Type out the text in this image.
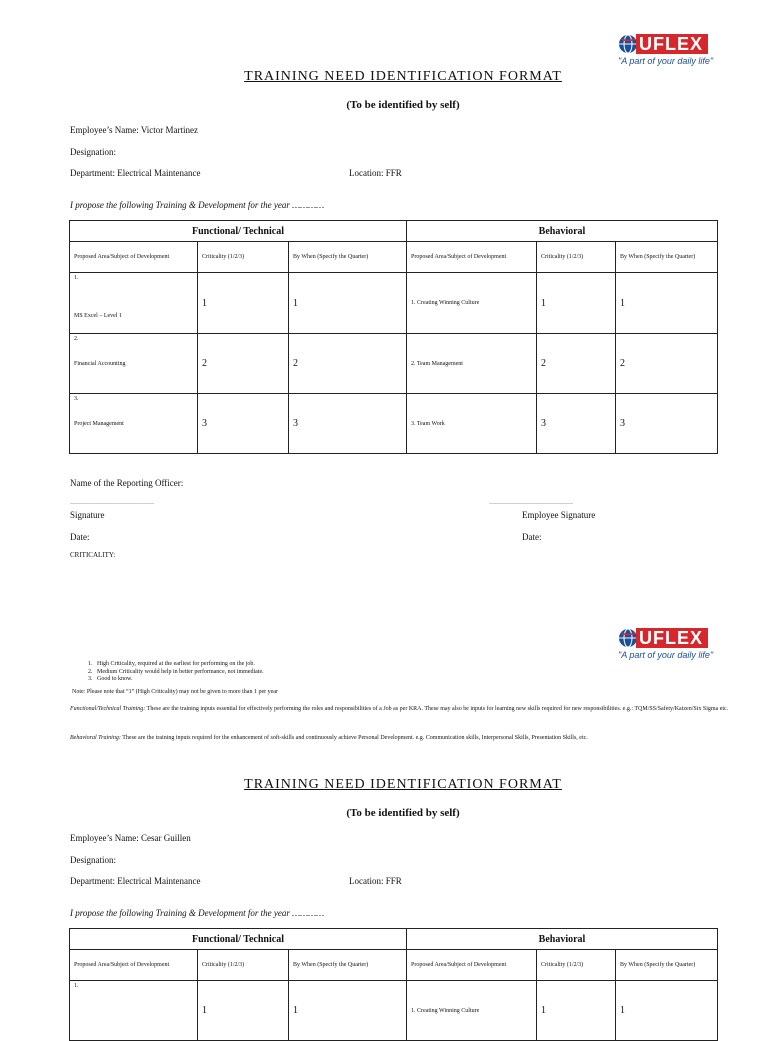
UFLEX
"A part of your daily life"
TRAINING NEED IDENTIFICATION FORMAT
(To be identified by self)
Employee’s Name: Victor Martinez
Designation:
Department: Electrical Maintenance	Location: FFR
I propose the following Training & Development for the year …………
Functional/ Technical			Behavioral		
Proposed Area/Subject of Development	Criticality (1/2/3)	By When (Specify the Quarter)	Proposed Area/Subject of Development	Criticality (1/2/3)	By When (Specify the Quarter)

1.
MS Excel – Level 1	1	1	1. Creating Winning Culture	1	1

2.
Financial Accounting	2	2	2. Team Management	2	2

3.
Project Management	3	3	3. Team Work	3	3
Name of the Reporting Officer:
……………………………………	……………………………………
Signature	Employee Signature
Date:	Date:
CRITICALITY:
UFLEX
"A part of your daily life"
1.   High Criticality, required at the earliest for performing on the job.
2.   Medium Criticality would help in better performance, not immediate.
3.   Good to know.
Note: Please note that “1” (High Criticality) may not be given to more than 1 per year
Functional/Technical Training: These are the training inputs essential for effectively performing the roles and responsibilities of a Job as per KRA. These may also be inputs for learning new skills required for new responsibilities. e.g.: TQM/SS/Safety/Kaizen/Six Sigma etc.
Behavioral Training: These are the training inputs required for the enhancement of soft-skills and continuously achieve Personal Development. e.g. Communication skills, Interpersonal Skills, Presentation Skills, etc.
TRAINING NEED IDENTIFICATION FORMAT
(To be identified by self)
Employee’s Name: Cesar Guillen
Designation:
Department: Electrical Maintenance	Location: FFR
I propose the following Training & Development for the year …………
Functional/ Technical			Behavioral		
Proposed Area/Subject of Development	Criticality (1/2/3)	By When (Specify the Quarter)	Proposed Area/Subject of Development	Criticality (1/2/3)	By When (Specify the Quarter)

1.	1	1	1. Creating Winning Culture	1	1
